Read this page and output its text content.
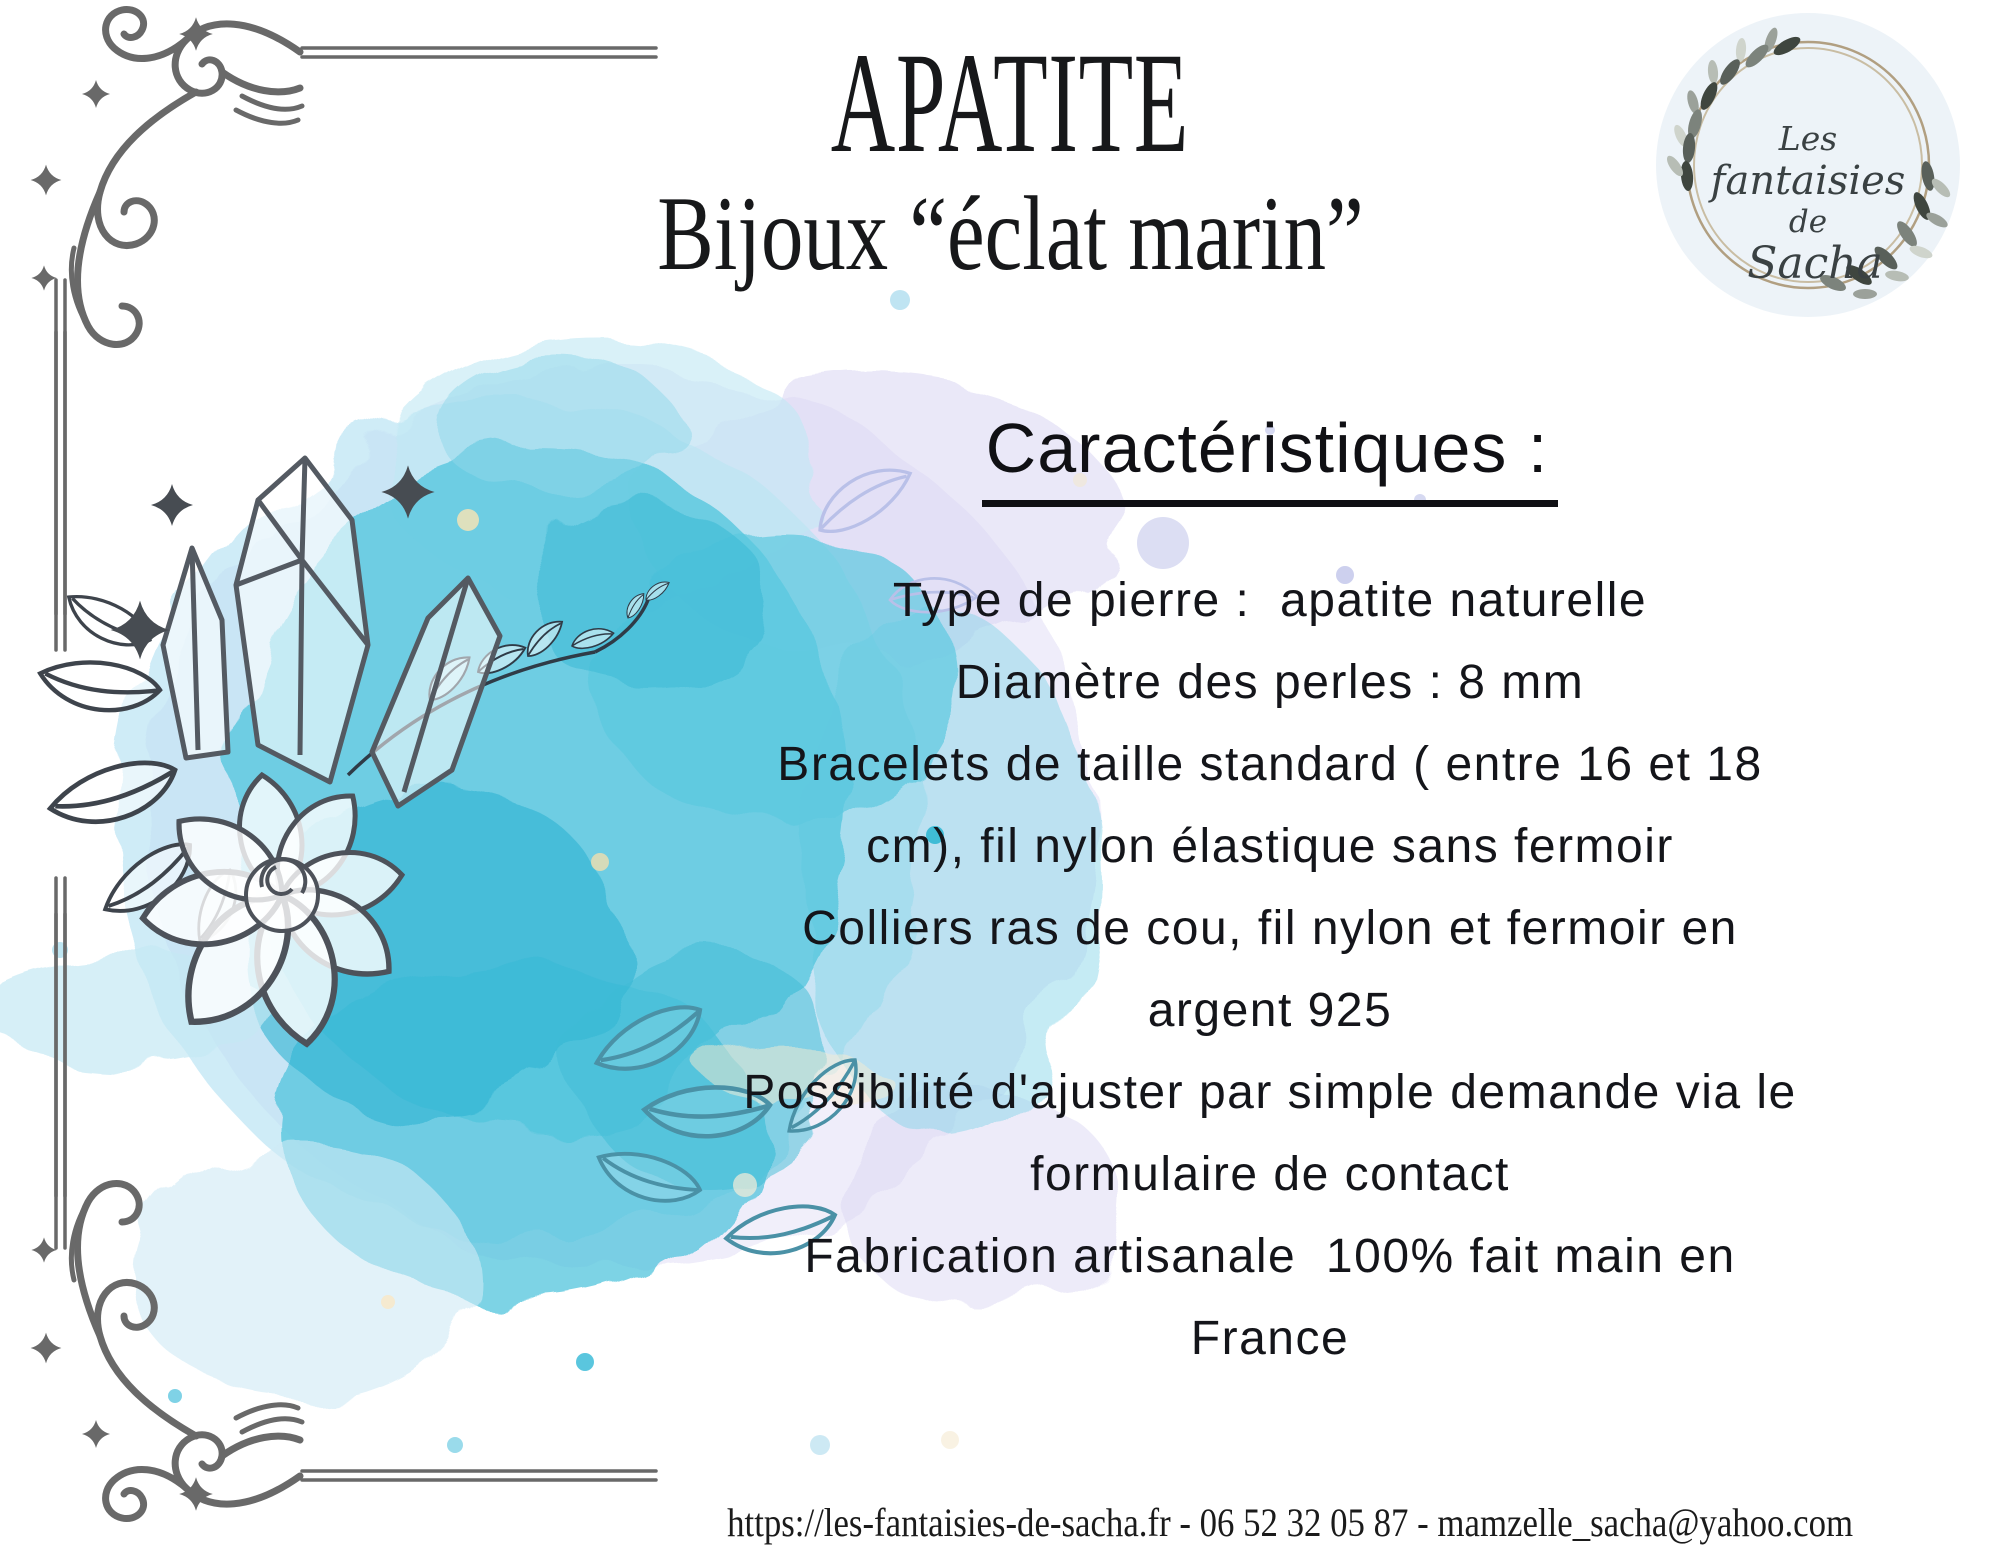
APATITE
Bijoux “éclat marin”
Les
fantaisies
de
Sacha
Caractéristiques :
Type de pierre :  apatite naturelle
Diamètre des perles : 8 mm
Bracelets de taille standard ( entre 16 et 18
cm), fil nylon élastique sans fermoir
Colliers ras de cou, fil nylon et fermoir en
argent 925
Possibilité d'ajuster par simple demande via le
formulaire de contact
Fabrication artisanale  100% fait main en
France

https://les-fantaisies-de-sacha.fr - 06 52 32 05 87 - mamzelle_sacha@yahoo.com
